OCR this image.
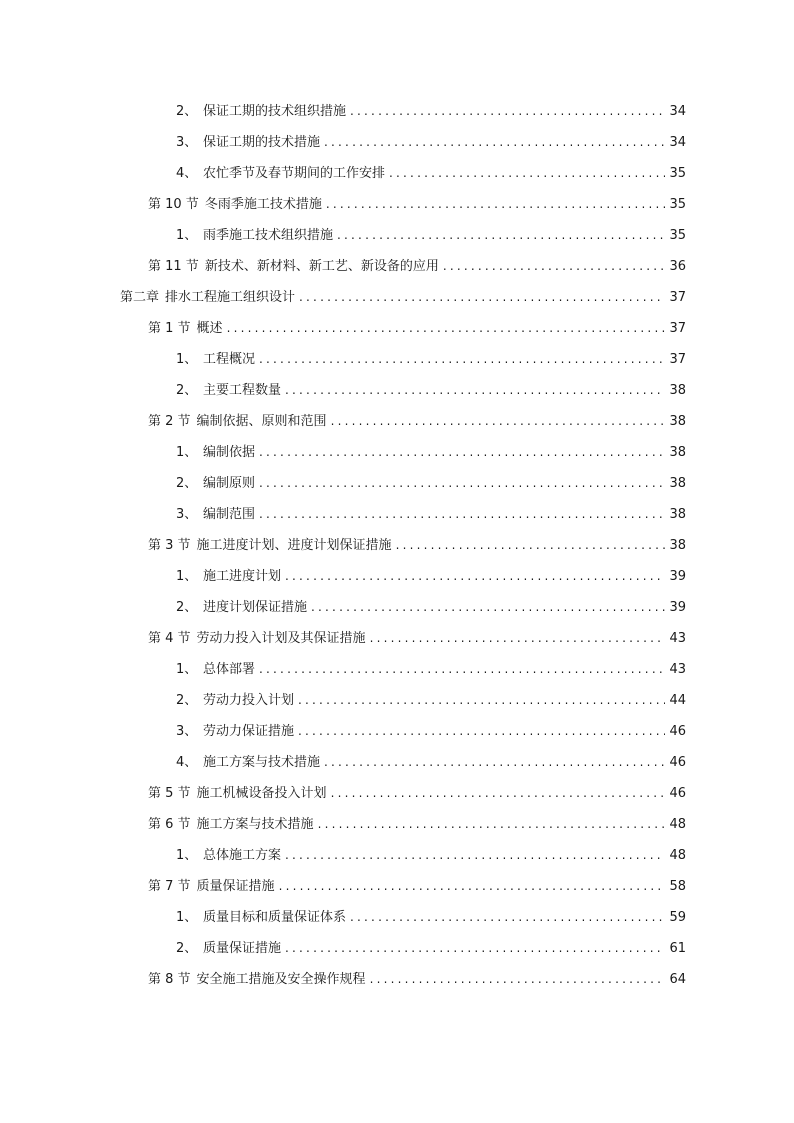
2、 保证工期的技术组织措施 .....	34
3、 保证工期的技术措施 .....	34
4、 农忙季节及春节期间的工作安排 .....	35
第 10 节 冬雨季施工技术措施 .....	35
1、 雨季施工技术组织措施 .....	35
第 11 节 新技术、新材料、新工艺、新设备的应用 .....	36
第二章 排水工程施工组织设计 .....	37
第 1 节 概述 .....	37
1、 工程概况 .....	37
2、 主要工程数量 .....	38
第 2 节 编制依据、原则和范围 .....	38
1、 编制依据 .....	38
2、 编制原则 .....	38
3、 编制范围 .....	38
第 3 节 施工进度计划、进度计划保证措施 .....	38
1、 施工进度计划 .....	39
2、 进度计划保证措施 .....	39
第 4 节 劳动力投入计划及其保证措施 .....	43
1、 总体部署 .....	43
2、 劳动力投入计划 .....	44
3、 劳动力保证措施 .....	46
4、 施工方案与技术措施 .....	46
第 5 节 施工机械设备投入计划 .....	46
第 6 节 施工方案与技术措施 .....	48
1、 总体施工方案 .....	48
第 7 节 质量保证措施 .....	58
1、 质量目标和质量保证体系 .....	59
2、 质量保证措施 .....	61
第 8 节 安全施工措施及安全操作规程 .....	64
